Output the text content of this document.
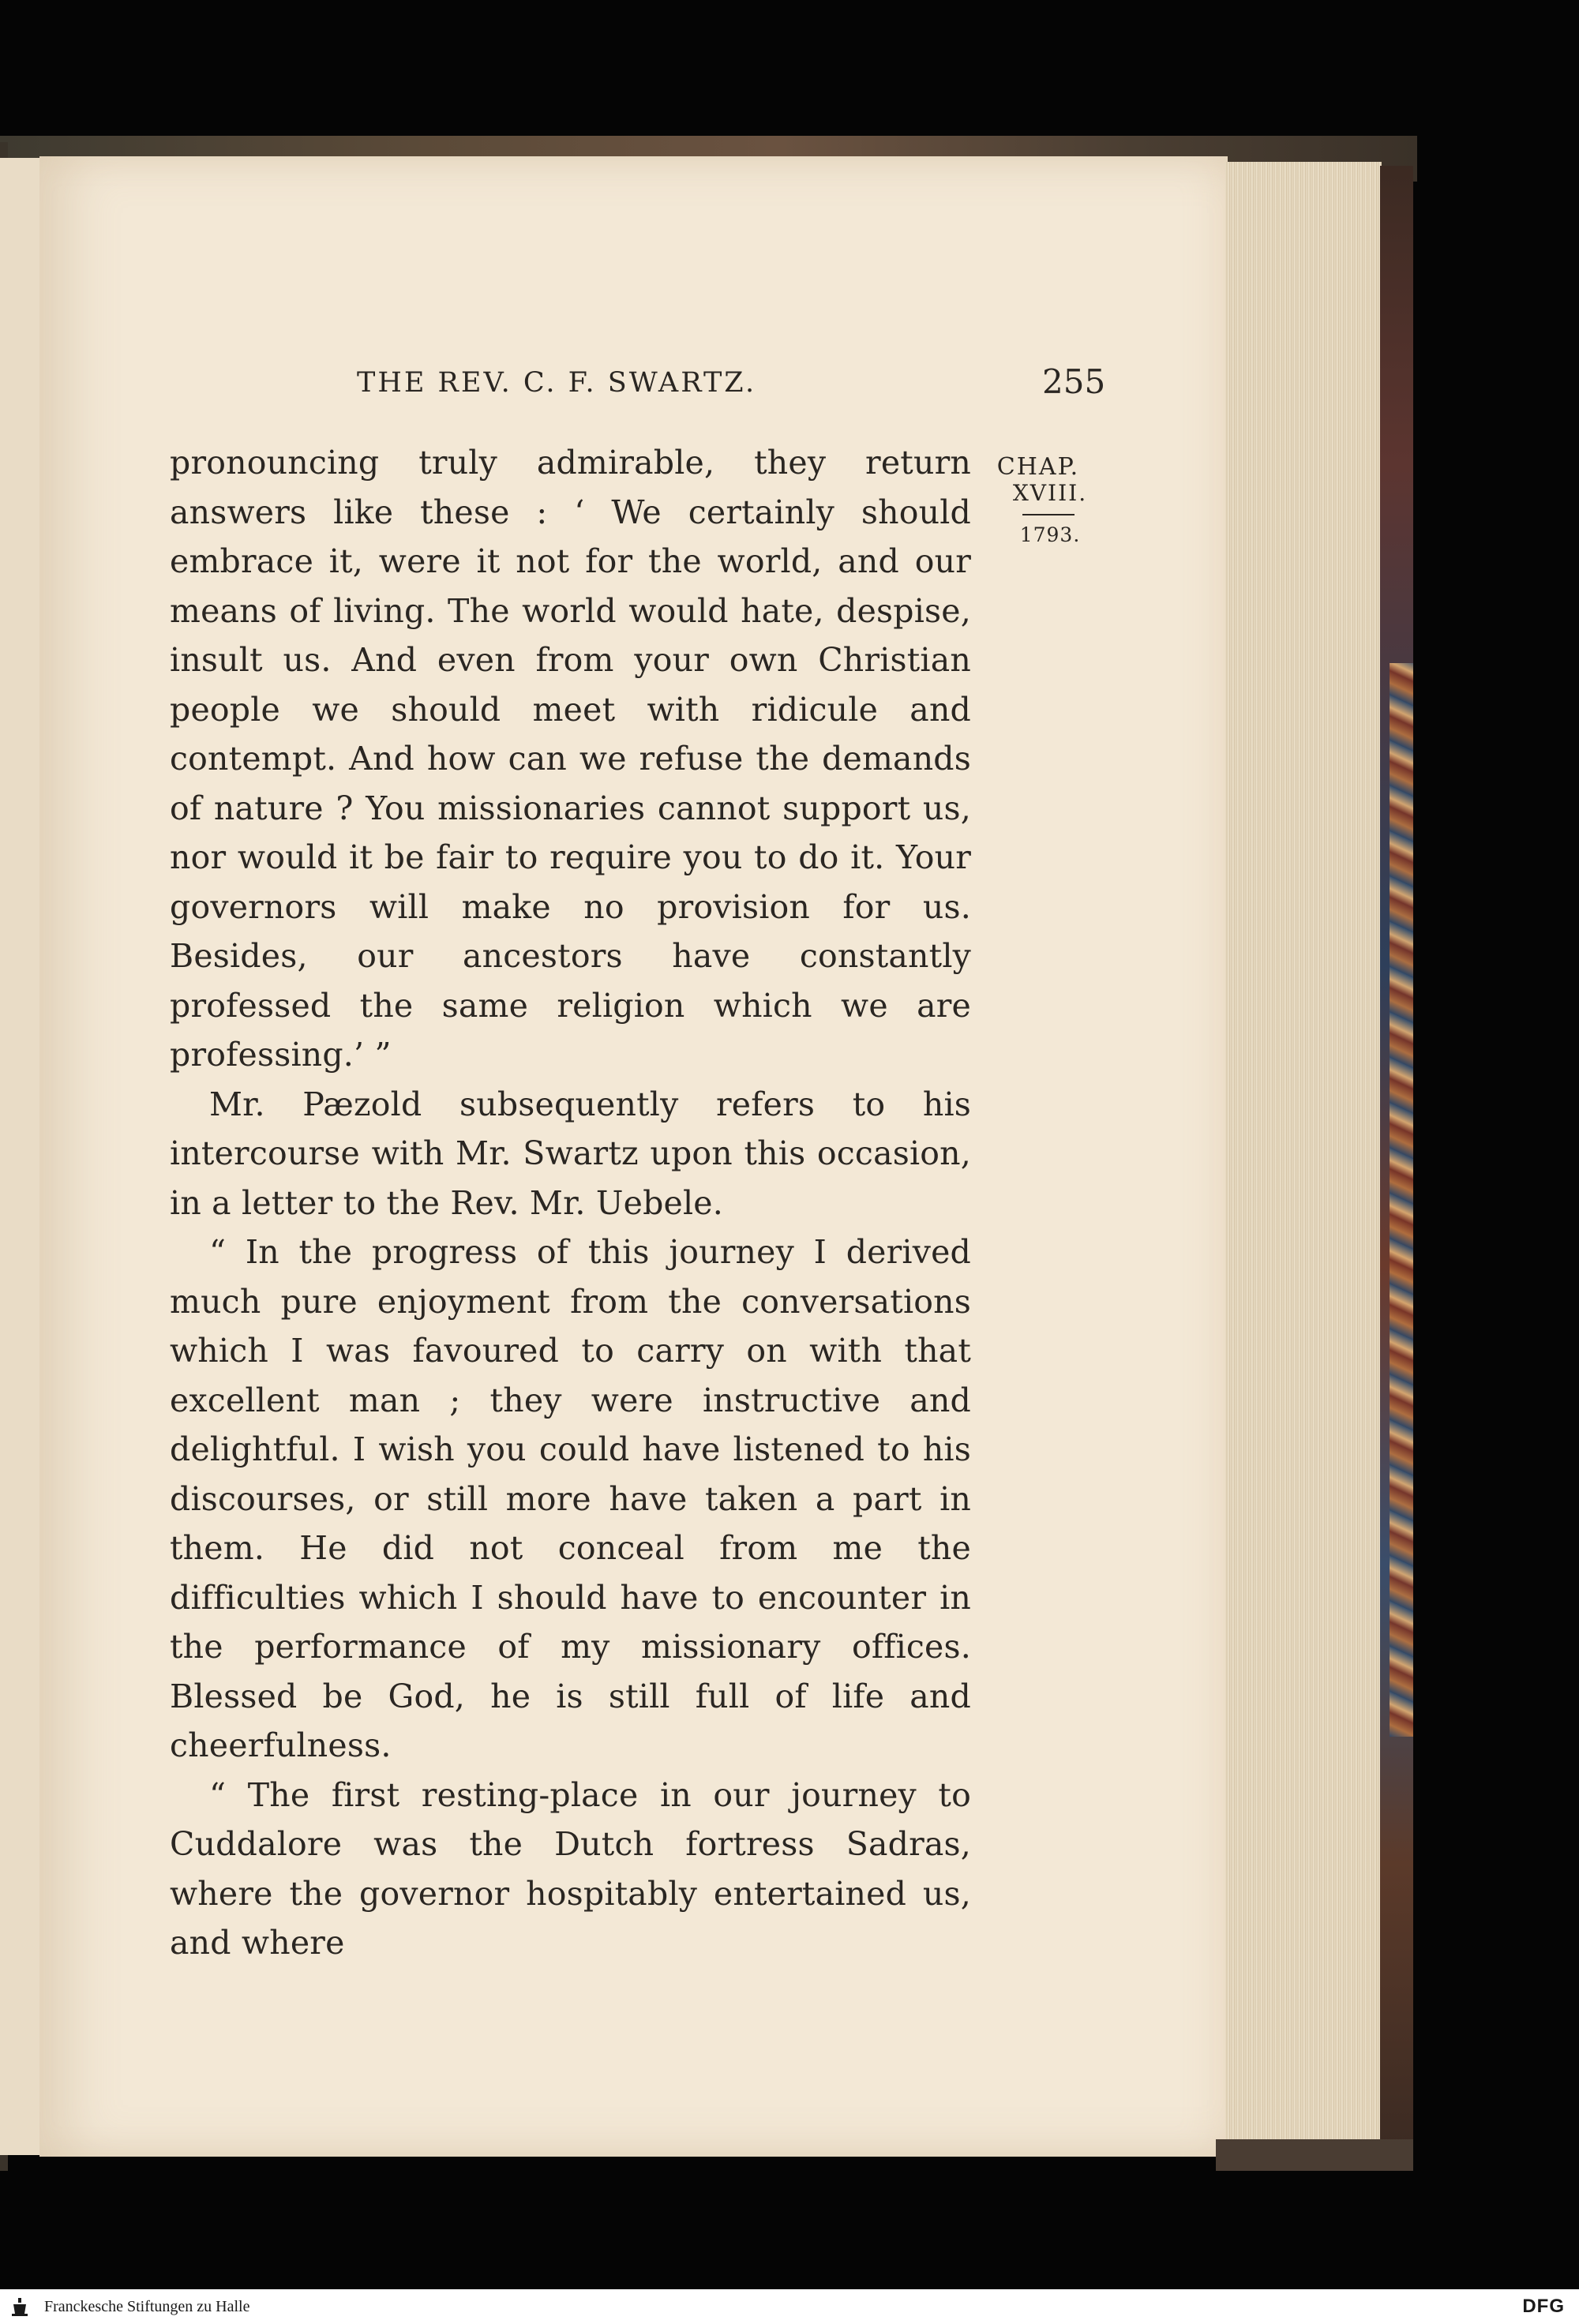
THE REV. C. F. SWARTZ.	255
CHAP.
XVIII.
1793.

pronouncing truly admirable, they return answers like these : ‘ We certainly should embrace it, were it not for the world, and our means of living. The world would hate, despise, insult us. And even from your own Christian people we should meet with ridicule and contempt. And how can we refuse the demands of nature ? You missionaries cannot support us, nor would it be fair to require you to do it. Your governors will make no provision for us. Besides, our ancestors have constantly professed the same religion which we are professing.’ ”

Mr. Pæzold subsequently refers to his intercourse with Mr. Swartz upon this occasion, in a letter to the Rev. Mr. Uebele.

“ In the progress of this journey I derived much pure enjoyment from the conversations which I was favoured to carry on with that excellent man ; they were instructive and delightful. I wish you could have listened to his discourses, or still more have taken a part in them. He did not conceal from me the difficulties which I should have to encounter in the performance of my missionary offices. Blessed be God, he is still full of life and cheerfulness.

“ The first resting-place in our journey to Cuddalore was the Dutch fortress Sadras, where the governor hospitably entertained us, and where

Franckesche Stiftungen zu Halle	DFG
